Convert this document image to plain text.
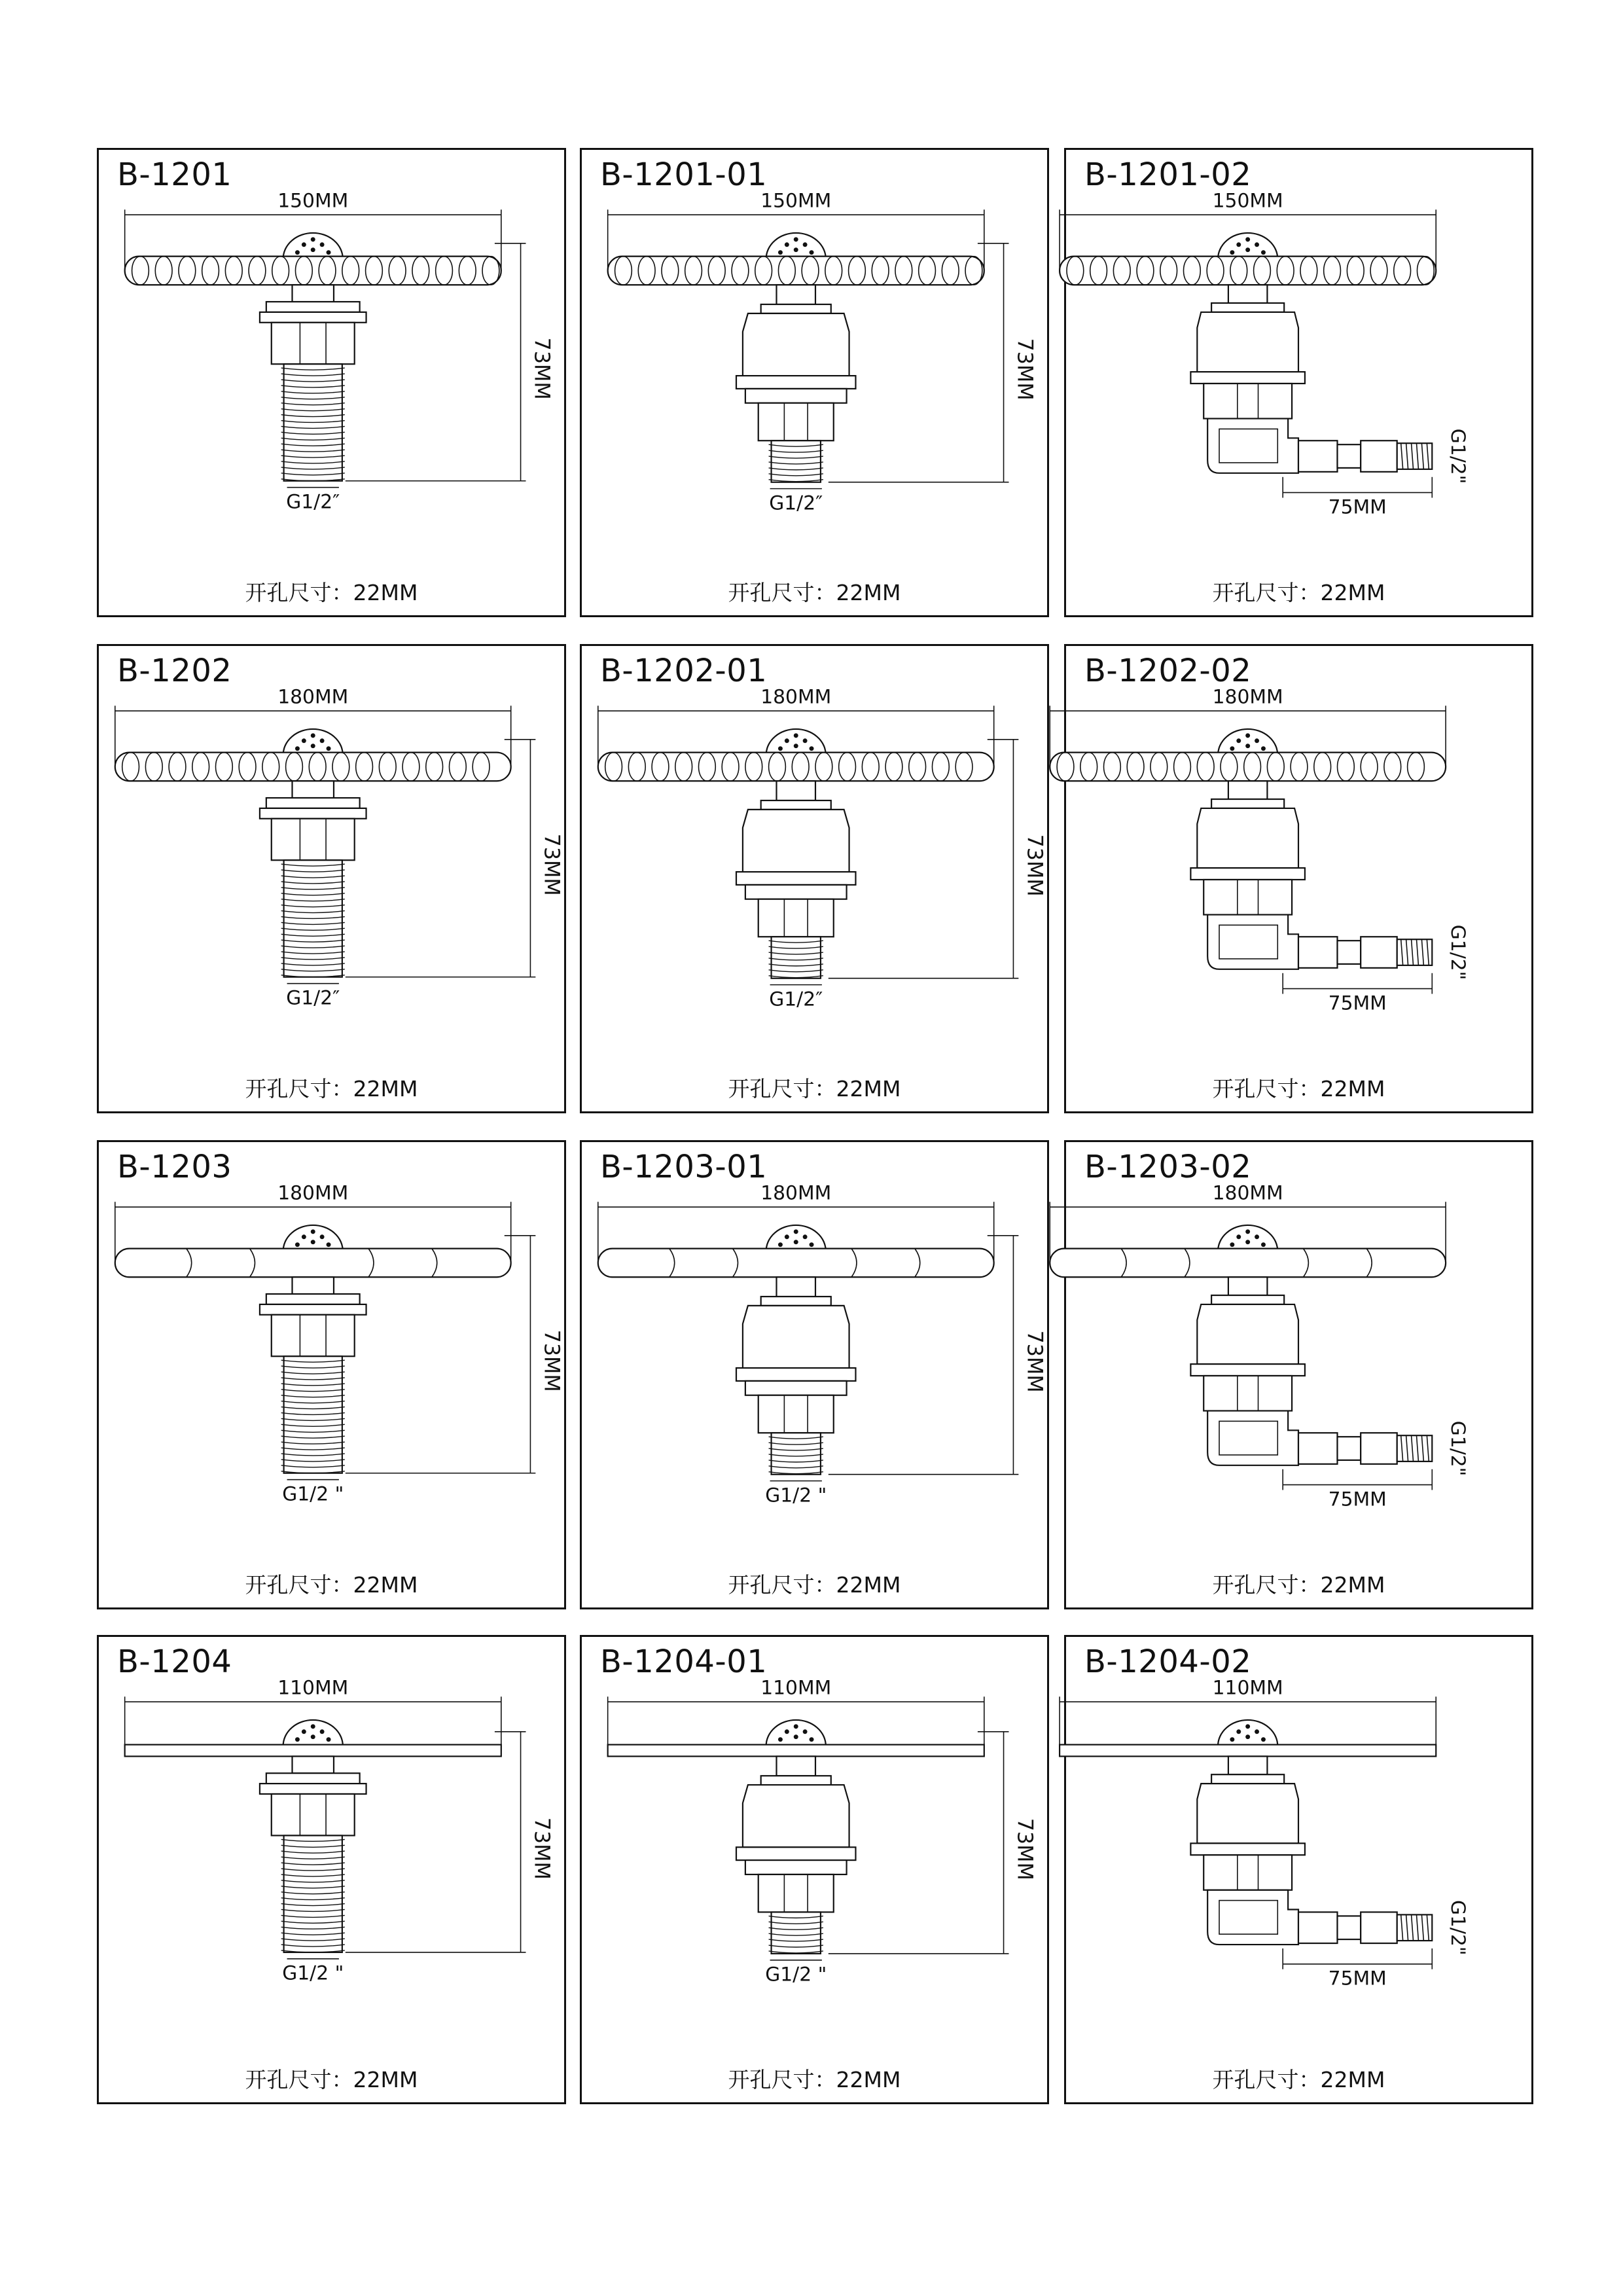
150MM
73MM
G1/2″
B-1201
开孔尺寸：22MM
150MM
73MM
G1/2″
B-1201-01
开孔尺寸：22MM
150MM
75MM
G1/2"
B-1201-02
开孔尺寸：22MM
180MM
73MM
G1/2″
B-1202
开孔尺寸：22MM
180MM
73MM
G1/2″
B-1202-01
开孔尺寸：22MM
180MM
75MM
G1/2"
B-1202-02
开孔尺寸：22MM
180MM
73MM
G1/2 "
B-1203
开孔尺寸：22MM
180MM
73MM
G1/2 "
B-1203-01
开孔尺寸：22MM
180MM
75MM
G1/2"
B-1203-02
开孔尺寸：22MM
110MM
73MM
G1/2 "
B-1204
开孔尺寸：22MM
110MM
73MM
G1/2 "
B-1204-01
开孔尺寸：22MM
110MM
75MM
G1/2"
B-1204-02
开孔尺寸：22MM
